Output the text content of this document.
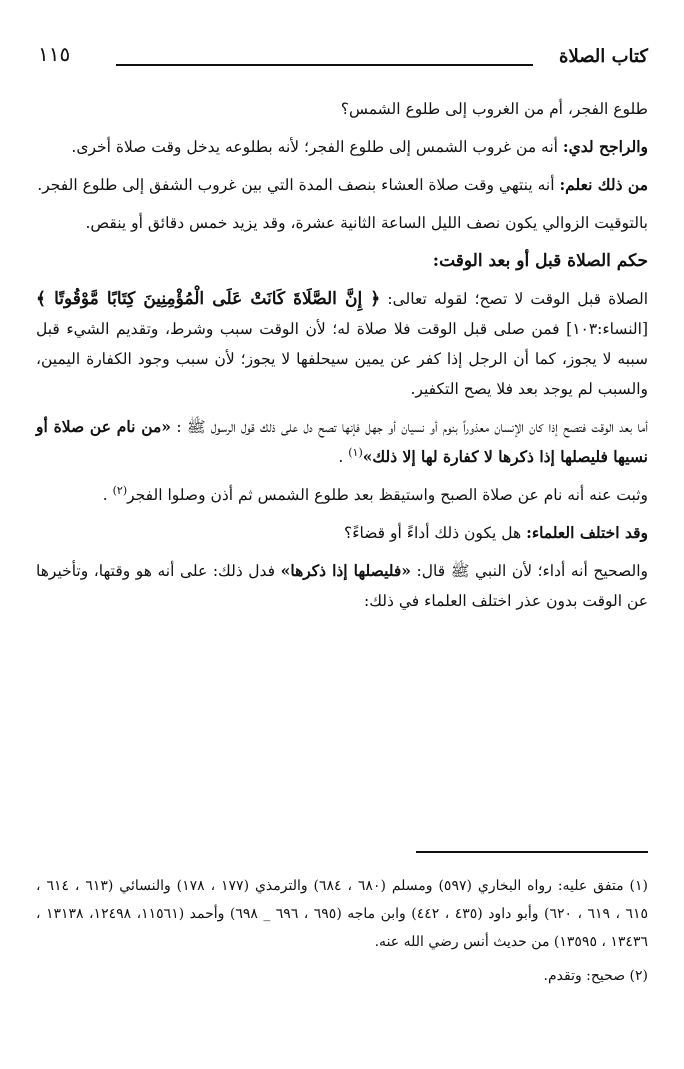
كتاب الصلاة
١١٥

طلوع الفجر، أم من الغروب إلى طلوع الشمس؟

والراجح لدي: أنه من غروب الشمس إلى طلوع الفجر؛ لأنه بطلوعه يدخل وقت صلاة أخرى.

من ذلك نعلم: أنه ينتهي وقت صلاة العشاء بنصف المدة التي بين غروب الشفق إلى طلوع الفجر.

بالتوقيت الزوالي يكون نصف الليل الساعة الثانية عشرة، وقد يزيد خمس دقائق أو ينقص.

حكم الصلاة قبل أو بعد الوقت:

الصلاة قبل الوقت لا تصح؛ لقوله تعالى: ﴿ إِنَّ الصَّلَاةَ كَانَتْ عَلَى الْمُؤْمِنِينَ كِتَابًا مَّوْقُوتًا ﴾ [النساء:١٠٣] فمن صلى قبل الوقت فلا صلاة له؛ لأن الوقت سبب وشرط، وتقديم الشيء قبل سببه لا يجوز، كما أن الرجل إذا كفر عن يمين سيحلفها لا يجوز؛ لأن سبب وجود الكفارة اليمين، والسبب لم يوجد بعد فلا يصح التكفير.

أما بعد الوقت فتصح إذا كان الإنسان معذوراً بنوم أو نسيان أو جهل فإنها تصح دل على ذلك قول الرسول ﷺ : «من نام عن صلاة أو نسيها فليصلها إذا ذكرها لا كفارة لها إلا ذلك»$^{(١)}$ .

وثبت عنه أنه نام عن صلاة الصبح واستيقظ بعد طلوع الشمس ثم أذن وصلوا الفجر$^{(٢)}$ .

وقد اختلف العلماء: هل يكون ذلك أداءً أو قضاءً؟

والصحيح أنه أداء؛ لأن النبي ﷺ قال: «فليصلها إذا ذكرها» فدل ذلك: على أنه هو وقتها، وتأخيرها عن الوقت بدون عذر اختلف العلماء في ذلك:

(١) متفق عليه: رواه البخاري (٥٩٧) ومسلم (٦٨٠ ، ٦٨٤) والترمذي (١٧٧ ، ١٧٨) والنسائي (٦١٣ ، ٦١٤ ، ٦١٥ ، ٦١٩ ، ٦٢٠) وأبو داود (٤٣٥ ، ٤٤٢) وابن ماجه (٦٩٥ ، ٦٩٦ _ ٦٩٨) وأحمد (١١٥٦١، ١٢٤٩٨، ١٣١٣٨ ، ١٣٤٣٦ ، ١٣٥٩٥) من حديث أنس رضي الله عنه.

(٢) صحيح: وتقدم.
